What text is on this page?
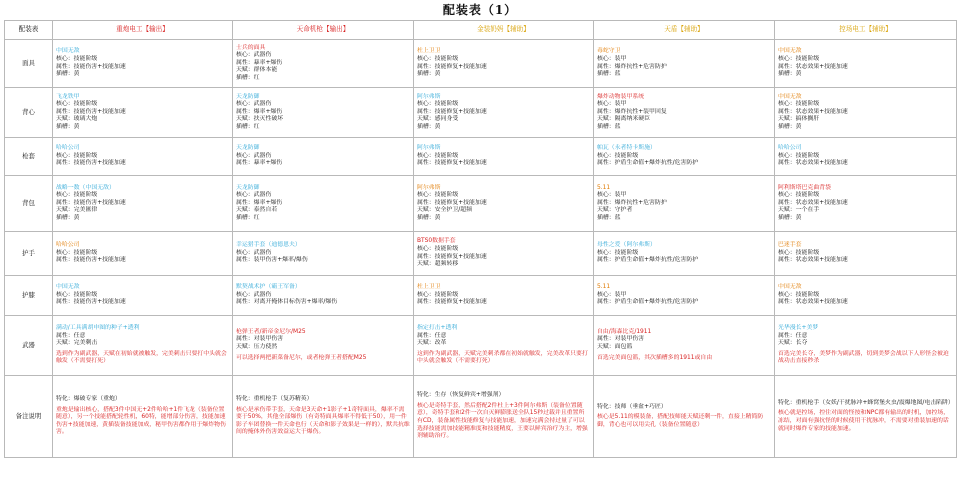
配装表（1）
配装表	重炮电工【输出】	天命机枪【输出】	金装奶妈【辅助】	天盾【辅助】	控场电工【辅助】
面具	中国无敌
核心：技能阶级
属性：技能伤害+技能加速
插槽：黄	士兵的面具
核心：武器伤
属性：暴率+爆伤
天赋：群体本能
插槽：红	杜上卫卫
核心：技能阶级
属性：技能修复+技能加速
插槽：黄	毒蛇守卫
核心：装甲
属性：爆炸抗性+危害防护
插槽：蓝	中国无敌
核心：技能阶级
属性：状态效果+技能加速
插槽：黄

背心	飞龙铁甲
核心：技能阶级
属性：技能伤害+技能加速
天赋：玻璃大炮
插槽：黄	天龙防御
核心：武器伤
属性：爆率+爆伤
天赋：扶灭性破坏
插槽：红	阿尔弗斯
核心：技能阶级
属性：技能修复+技能加速
天赋：感同身受
插槽：黄	爆炸动物装甲系统
核心：装甲
属性：爆炸抗性+装甲回复
天赋：隔离纳米硬臣
插槽：蓝	中国无敌
核心：技能阶级
属性：状态效果+技能加速
天赋：搞体搁肝
插槽：黄

枪套	哈哈公司
核心：技能阶级
属性：技能伤害+技能加速	天龙防御
核心：武器伤
属性：暴率+爆伤	阿尔弗斯
核心：技能阶级
属性：技能修复+技能加速	帕瓦（永者特卡斯施）
核心：技能阶级
属性：护盾生命值+爆炸抗性/危害防护	哈哈公司
核心：技能阶级
属性：状态效果+技能加速

背包	战略一数（中国无敌）
核心：技能阶级
属性：技能伤害+技能加速
天赋：完美匯律
插槽：黄	天龙防御
核心：武器伤
属性：爆率+爆伤
天赋：泰然自若
插槽：红	阿尔弗斯
核心：技能阶级
属性：技能修复+技能加速
天赋：安全护卫/超频
插槽：黄	5.11
核心：装甲
属性：爆炸抗性+危害防护
天赋：守护者
插槽：蓝	阿利斯塔巴克曲背袋
核心：技能阶级
属性：状态效果+技能加速
天赋：一个在手
插槽：黄

护手	哈哈公司
核心：技能阶级
属性：技能伤害+技能加速	幸运猎手套（迪德恩夫）
核心：武器伤
属性：装甲伤害+爆率/爆伤	BTS0数据手套
核心：技能阶级
属性：技能修复+技能加速
天赋：超频转移	母性之爱（阿尔弗斯）
核心：技能阶级
属性：护盾生命值+爆炸抗性/危害防护	巴迷手套
核心：技能阶级
属性：状态效果+技能加速

护膝	中国无敌
核心：技能阶级
属性：技能伤害+技能加速	默契战术护（霸王军备）
核心：武器伤
属性：对离开掩体目标伤害+爆率/爆伤	杜上卫卫
核心：技能阶级
属性：技能修复+技能加速	5.11
核心：装甲
属性：护盾生命值+爆炸抗性/危害防护	中国无敌
核心：技能阶级
属性：状态效果+技能加速

武器	满动/工具满胡申图的种子+透利
属性：任意
天赋：完美剩击
选到作为副武器，天赋在初始就被触发，完美刺击只要打中头就会触发（不需要打死）	枪弹王者/新帝金尼尔/M25
属性：对装甲伤害
天赋：压力使然
可以选择两把新菜备尼尔，或者枪弹王者搭配M25	指定打击+透利
属性：任意
天赋：改革
这到作为副武器，天赋完美刺杀都在初始就触发，完美改革只要打中头就会触发（不需要打死）	自由/海森比克/1911
属性：对装甲伤害
天赋：面包篮
首选完美面包篮，其次插槽多的1911或自由	光华漫长+美梦
属性：任意
天赋：长夺
首选完美长夺，美梦作为副武器，切到美梦会战以下人形怪会被迫战功击直接秒杀

备注说明	特化：爆破专家（重炮）
重炮是输出核心，搭配3件中国无+2件哈哈+1件飞龙（装备位置随意），另一个技能搭配轮性机，60特，能增部分伤害，技能加速伤害+技能加速，黄插装备技能加成，秘甲伤害都作用于爆炸物伤害。	特化：重机枪手（复苏精英）
核心是承伤带手套，天命是3天命+1影子+1奇特面具，爆率不需要于50%，其他全部爆伤（有奇特面具爆率不得低于50），用一件影子车团替换一件天命也行（天命和影子效果是一样的），默共抗维间的掩体外伤害效益运大于爆伤。	特化：生存（恢复鲜宾+增强剂）
核心是奇特手套，然后搭配2件杜上+3件阿尔弗斯（装备位置随意），奇特手套和2件一次自灭鲜膨胀送全队15秒过载并且重置所有CD，装备属性技能修复与技能加速，加速完满会持过量了可以选择技能需加技能精准度和技能精度，王要以鲜宾治疗为主，增强剂辅助治疗。	特化：技师（垂盆+巧匠）
核心是5.11的模装备，搭配技师能天赋还剩一件，直接上精简防御，背心也可以用尖孔（装备位置随意）	特化：重机枪手（女妖/干扰脉冲+蜂窝堡火虫/震爆地图/电击陷阱）
核心就是控场，控住对面的怪按和NPC都有输出的时机，加控场，冻结，对面有强抗怪的时候使用干扰脉冲，不需要对重装加速的话就同时爆炸专家的技能加速。
